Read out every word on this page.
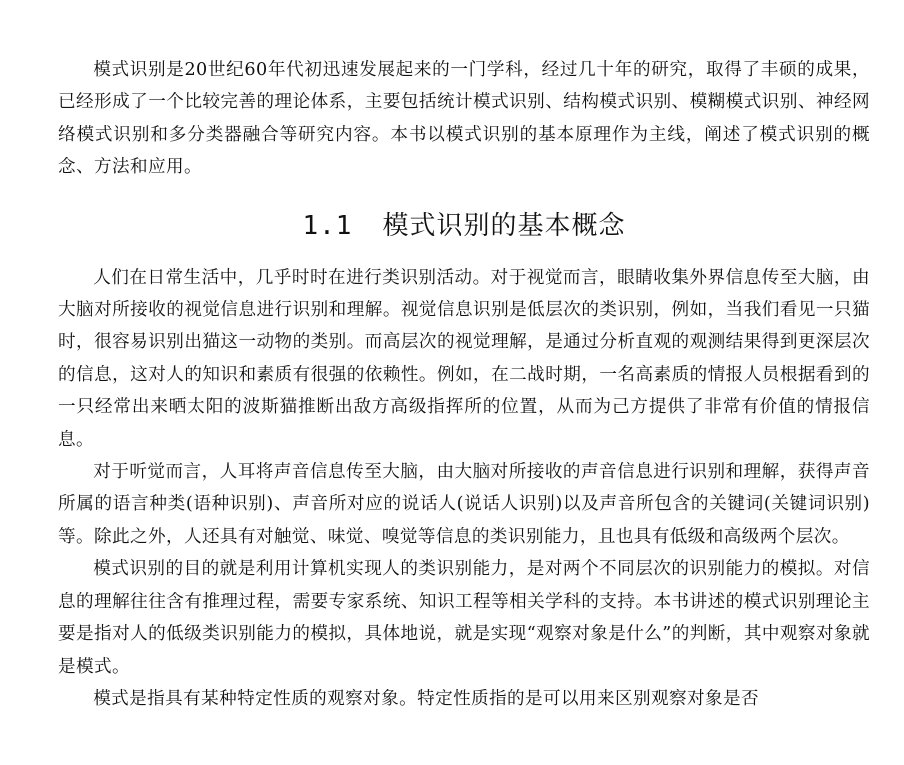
模式识别是20世纪60年代初迅速发展起来的一门学科，经过几十年的研究，取得了丰硕的成果，已经形成了一个比较完善的理论体系，主要包括统计模式识别、结构模式识别、模糊模式识别、神经网络模式识别和多分类器融合等研究内容。本书以模式识别的基本原理作为主线，阐述了模式识别的概念、方法和应用。

1.1 模式识别的基本概念

人们在日常生活中，几乎时时在进行类识别活动。对于视觉而言，眼睛收集外界信息传至大脑，由大脑对所接收的视觉信息进行识别和理解。视觉信息识别是低层次的类识别，例如，当我们看见一只猫时，很容易识别出猫这一动物的类别。而高层次的视觉理解，是通过分析直观的观测结果得到更深层次的信息，这对人的知识和素质有很强的依赖性。例如，在二战时期，一名高素质的情报人员根据看到的一只经常出来晒太阳的波斯猫推断出敌方高级指挥所的位置，从而为己方提供了非常有价值的情报信息。

对于听觉而言，人耳将声音信息传至大脑，由大脑对所接收的声音信息进行识别和理解，获得声音所属的语言种类(语种识别)、声音所对应的说话人(说话人识别)以及声音所包含的关键词(关键词识别)等。除此之外，人还具有对触觉、味觉、嗅觉等信息的类识别能力，且也具有低级和高级两个层次。

模式识别的目的就是利用计算机实现人的类识别能力，是对两个不同层次的识别能力的模拟。对信息的理解往往含有推理过程，需要专家系统、知识工程等相关学科的支持。本书讲述的模式识别理论主要是指对人的低级类识别能力的模拟，具体地说，就是实现“观察对象是什么”的判断，其中观察对象就是模式。

模式是指具有某种特定性质的观察对象。特定性质指的是可以用来区别观察对象是否
